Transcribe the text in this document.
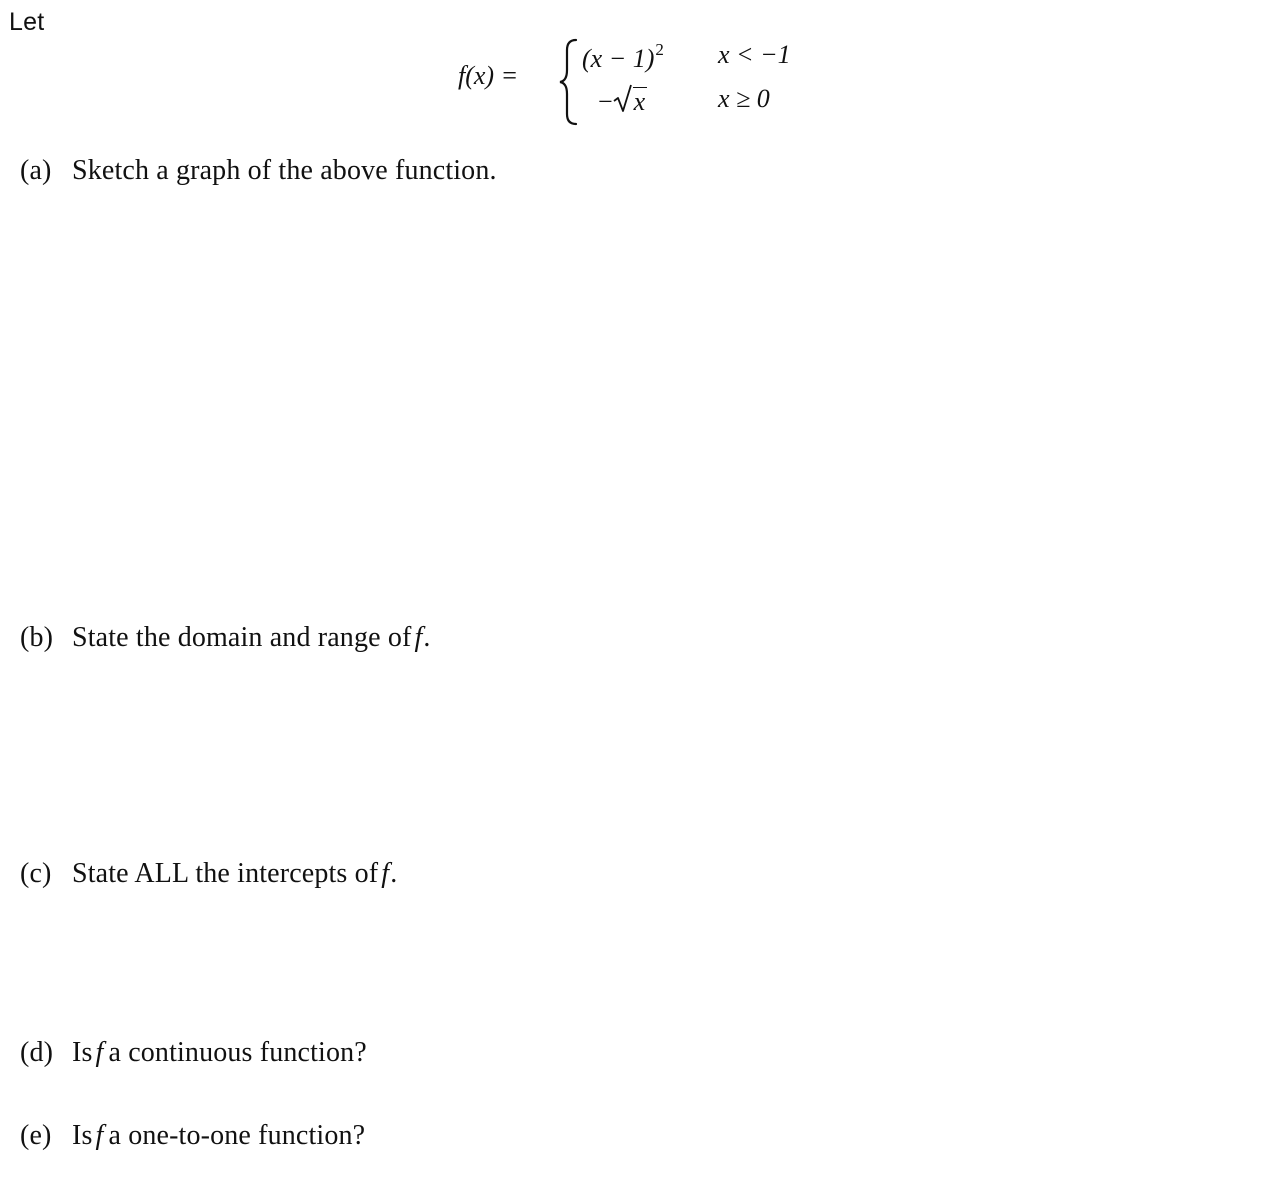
Let
f(x) =
$(x - 1)^2$ x < −1
− x	x ≥ 0
(a) Sketch a graph of the above function.
(b) State the domain and range of f.
(c) State ALL the intercepts of f.
(d) Is f a continuous function?
(e) Is f a one-to-one function?
